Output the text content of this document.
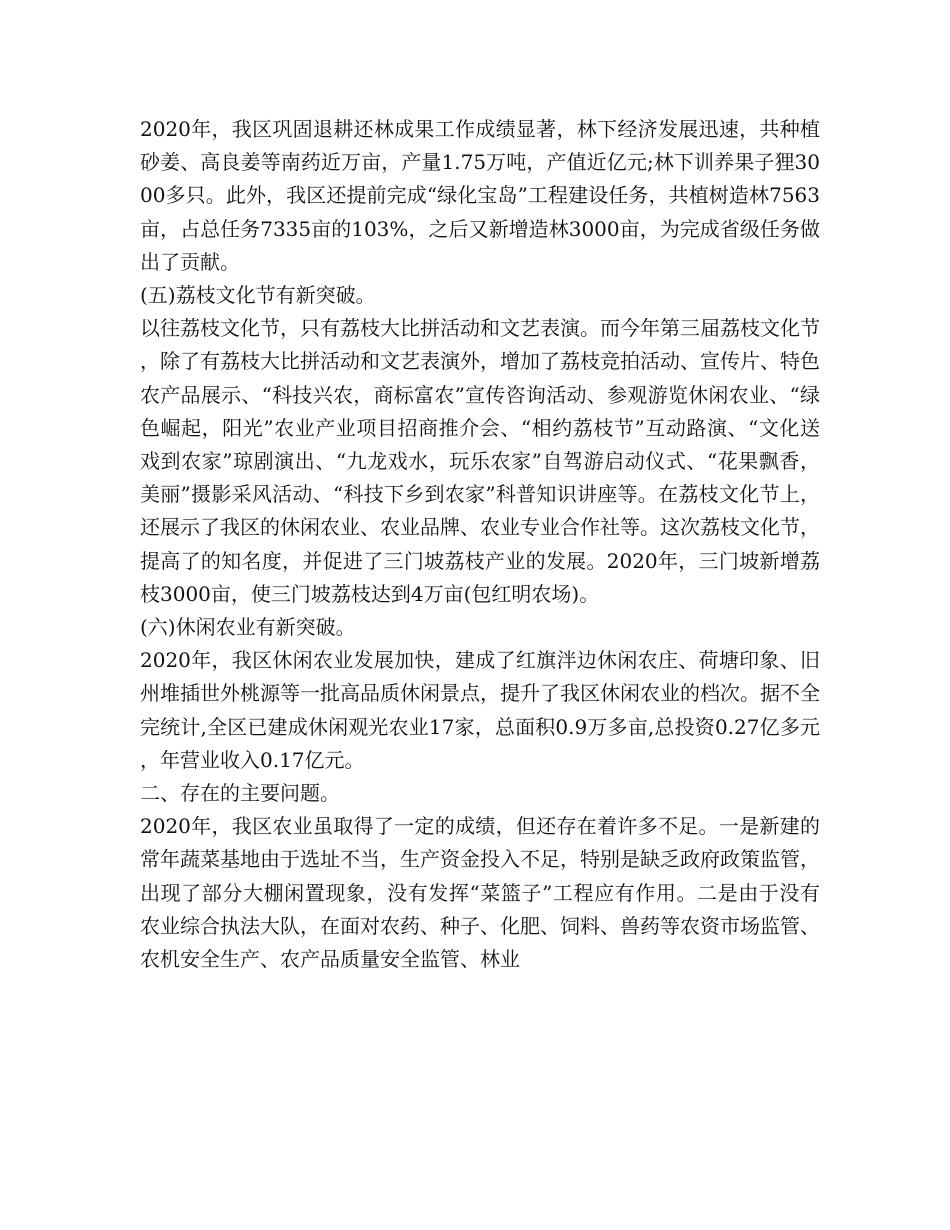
2020年，我区巩固退耕还林成果工作成绩显著，林下经济发展迅速，共种植砂姜、高良姜等南药近万亩，产量1.75万吨，产值近亿元;林下训养果子狸3000多只。此外，我区还提前完成“绿化宝岛”工程建设任务，共植树造林7563亩，占总任务7335亩的103%，之后又新增造林3000亩，为完成省级任务做出了贡献。

(五)荔枝文化节有新突破。

以往荔枝文化节，只有荔枝大比拼活动和文艺表演。而今年第三届荔枝文化节，除了有荔枝大比拼活动和文艺表演外，增加了荔枝竞拍活动、宣传片、特色农产品展示、“科技兴农，商标富农”宣传咨询活动、参观游览休闲农业、“绿色崛起，阳光”农业产业项目招商推介会、“相约荔枝节”互动路演、“文化送戏到农家”琼剧演出、“九龙戏水，玩乐农家”自驾游启动仪式、“花果飘香，美丽”摄影采风活动、“科技下乡到农家”科普知识讲座等。在荔枝文化节上，还展示了我区的休闲农业、农业品牌、农业专业合作社等。这次荔枝文化节，提高了的知名度，并促进了三门坡荔枝产业的发展。2020年，三门坡新增荔枝3000亩，使三门坡荔枝达到4万亩(包红明农场)。

(六)休闲农业有新突破。

2020年，我区休闲农业发展加快，建成了红旗泮边休闲农庄、荷塘印象、旧州堆插世外桃源等一批高品质休闲景点，提升了我区休闲农业的档次。据不全完统计,全区已建成休闲观光农业17家，总面积0.9万多亩,总投资0.27亿多元，年营业收入0.17亿元。

二、存在的主要问题。

2020年，我区农业虽取得了一定的成绩，但还存在着许多不足。一是新建的常年蔬菜基地由于选址不当，生产资金投入不足，特别是缺乏政府政策监管，出现了部分大棚闲置现象，没有发挥“菜篮子”工程应有作用。二是由于没有农业综合执法大队，在面对农药、种子、化肥、饲料、兽药等农资市场监管、农机安全生产、农产品质量安全监管、林业
